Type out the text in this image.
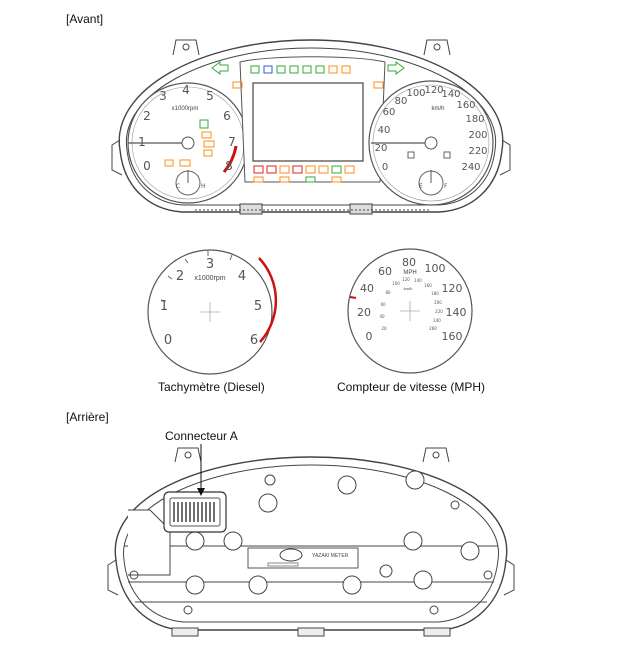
[Avant]
[Arrière]
Tachymètre (Diesel)	Compteur de vitesse (MPH)
Connecteur A
0
1
2
3 4 5
6
7
8
x1000rpm
C	H
0
20
40
60
80
100
120
140
160
180
200
220
240
km/h
E	F
0
1
2
3
4
5
6
x1000rpm
0
20
40
60
80 100
120
140
160
MPH
km/h
20
40
60
80
100
120 140
160
180
200
220
240
260
YAZAKI METER
